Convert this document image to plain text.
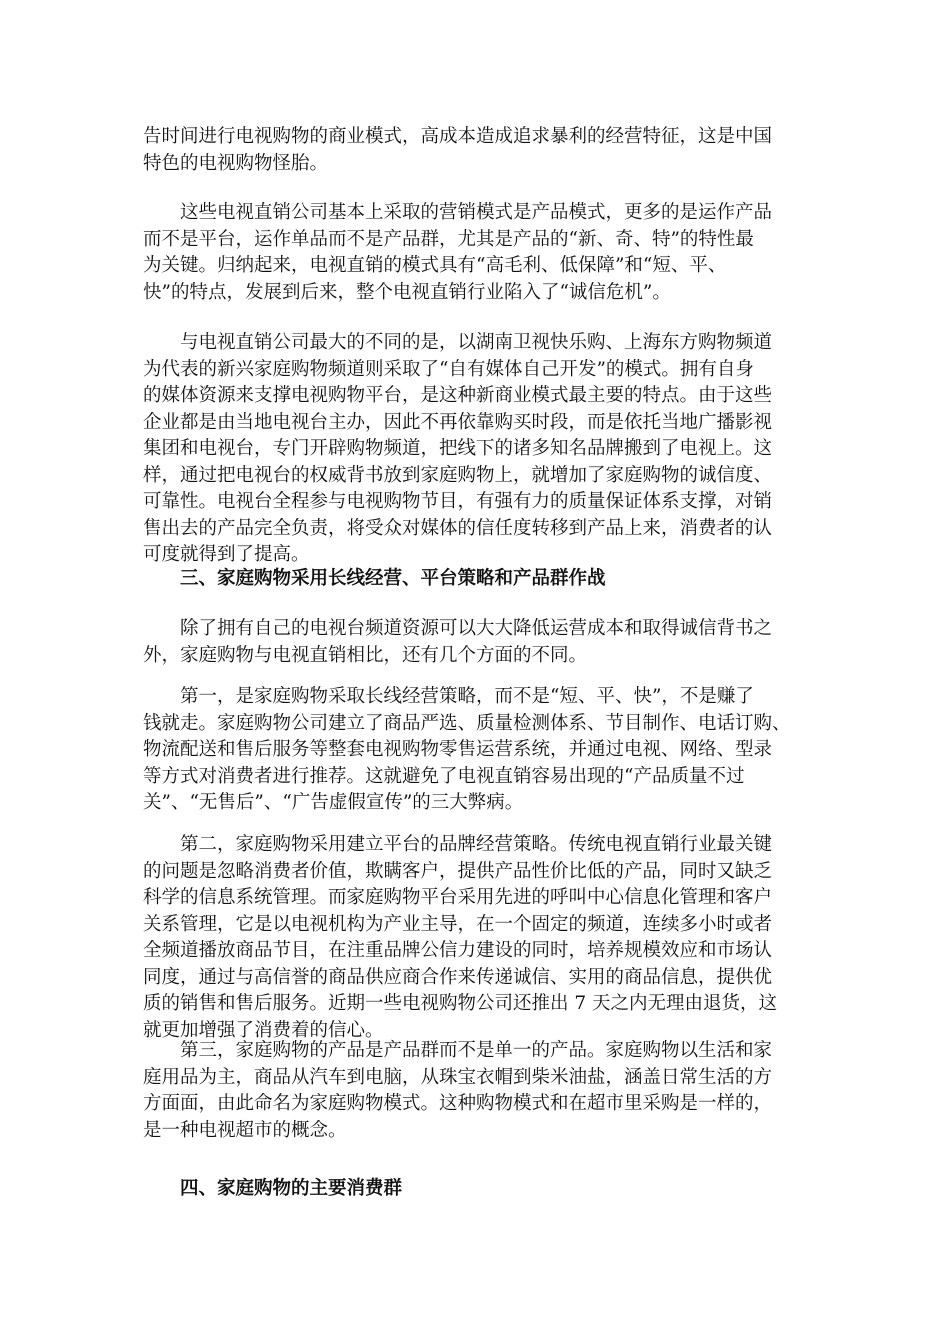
告时间进行电视购物的商业模式，高成本造成追求暴利的经营特征，这是中国
特色的电视购物怪胎。
　　这些电视直销公司基本上采取的营销模式是产品模式，更多的是运作产品
而不是平台，运作单品而不是产品群，尤其是产品的“新、奇、特”的特性最
为关键。归纳起来，电视直销的模式具有“高毛利、低保障”和“短、平、
快”的特点，发展到后来，整个电视直销行业陷入了“诚信危机”。
　　与电视直销公司最大的不同的是，以湖南卫视快乐购、上海东方购物频道
为代表的新兴家庭购物频道则采取了“自有媒体自己开发”的模式。拥有自身
的媒体资源来支撑电视购物平台，是这种新商业模式最主要的特点。由于这些
企业都是由当地电视台主办，因此不再依靠购买时段，而是依托当地广播影视
集团和电视台，专门开辟购物频道，把线下的诸多知名品牌搬到了电视上。这
样，通过把电视台的权威背书放到家庭购物上，就增加了家庭购物的诚信度、
可靠性。电视台全程参与电视购物节目，有强有力的质量保证体系支撑，对销
售出去的产品完全负责，将受众对媒体的信任度转移到产品上来，消费者的认
可度就得到了提高。
三、家庭购物采用长线经营、平台策略和产品群作战
　　除了拥有自己的电视台频道资源可以大大降低运营成本和取得诚信背书之
外，家庭购物与电视直销相比，还有几个方面的不同。
　　第一，是家庭购物采取长线经营策略，而不是“短、平、快”，不是赚了
钱就走。家庭购物公司建立了商品严选、质量检测体系、节目制作、电话订购、
物流配送和售后服务等整套电视购物零售运营系统，并通过电视、网络、型录
等方式对消费者进行推荐。这就避免了电视直销容易出现的“产品质量不过
关”、“无售后”、“广告虚假宣传”的三大弊病。
　　第二，家庭购物采用建立平台的品牌经营策略。传统电视直销行业最关键
的问题是忽略消费者价值，欺瞒客户，提供产品性价比低的产品，同时又缺乏
科学的信息系统管理。而家庭购物平台采用先进的呼叫中心信息化管理和客户
关系管理，它是以电视机构为产业主导，在一个固定的频道，连续多小时或者
全频道播放商品节目，在注重品牌公信力建设的同时，培养规模效应和市场认
同度，通过与高信誉的商品供应商合作来传递诚信、实用的商品信息，提供优
质的销售和售后服务。近期一些电视购物公司还推出 7 天之内无理由退货，这
就更加增强了消费着的信心。
　　第三，家庭购物的产品是产品群而不是单一的产品。家庭购物以生活和家
庭用品为主，商品从汽车到电脑，从珠宝衣帽到柴米油盐，涵盖日常生活的方
方面面，由此命名为家庭购物模式。这种购物模式和在超市里采购是一样的，
是一种电视超市的概念。
四、家庭购物的主要消费群
